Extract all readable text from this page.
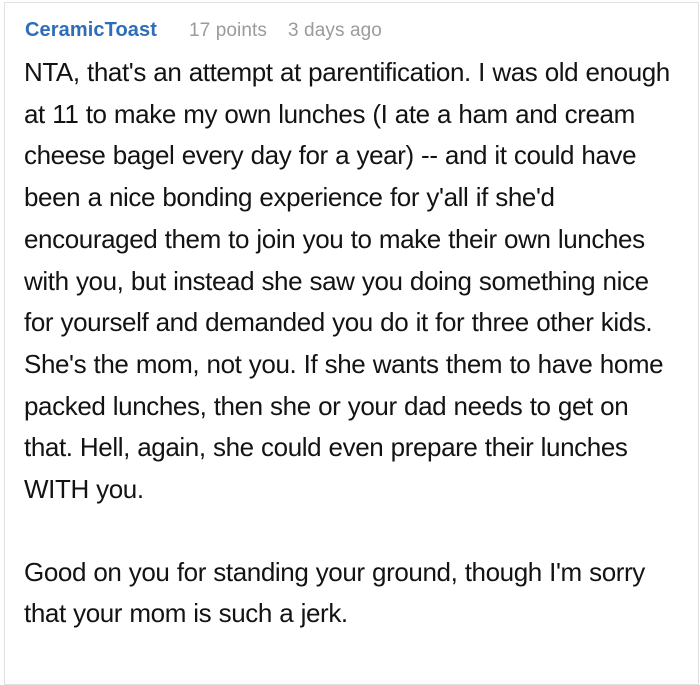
CeramicToast 17 points 3 days ago

NTA, that's an attempt at parentification. I was old enough at 11 to make my own lunches (I ate a ham and cream cheese bagel every day for a year) -- and it could have been a nice bonding experience for y'all if she'd encouraged them to join you to make their own lunches with you, but instead she saw you doing something nice for yourself and demanded you do it for three other kids. She's the mom, not you. If she wants them to have home packed lunches, then she or your dad needs to get on that. Hell, again, she could even prepare their lunches WITH you.

Good on you for standing your ground, though I'm sorry that your mom is such a jerk.
